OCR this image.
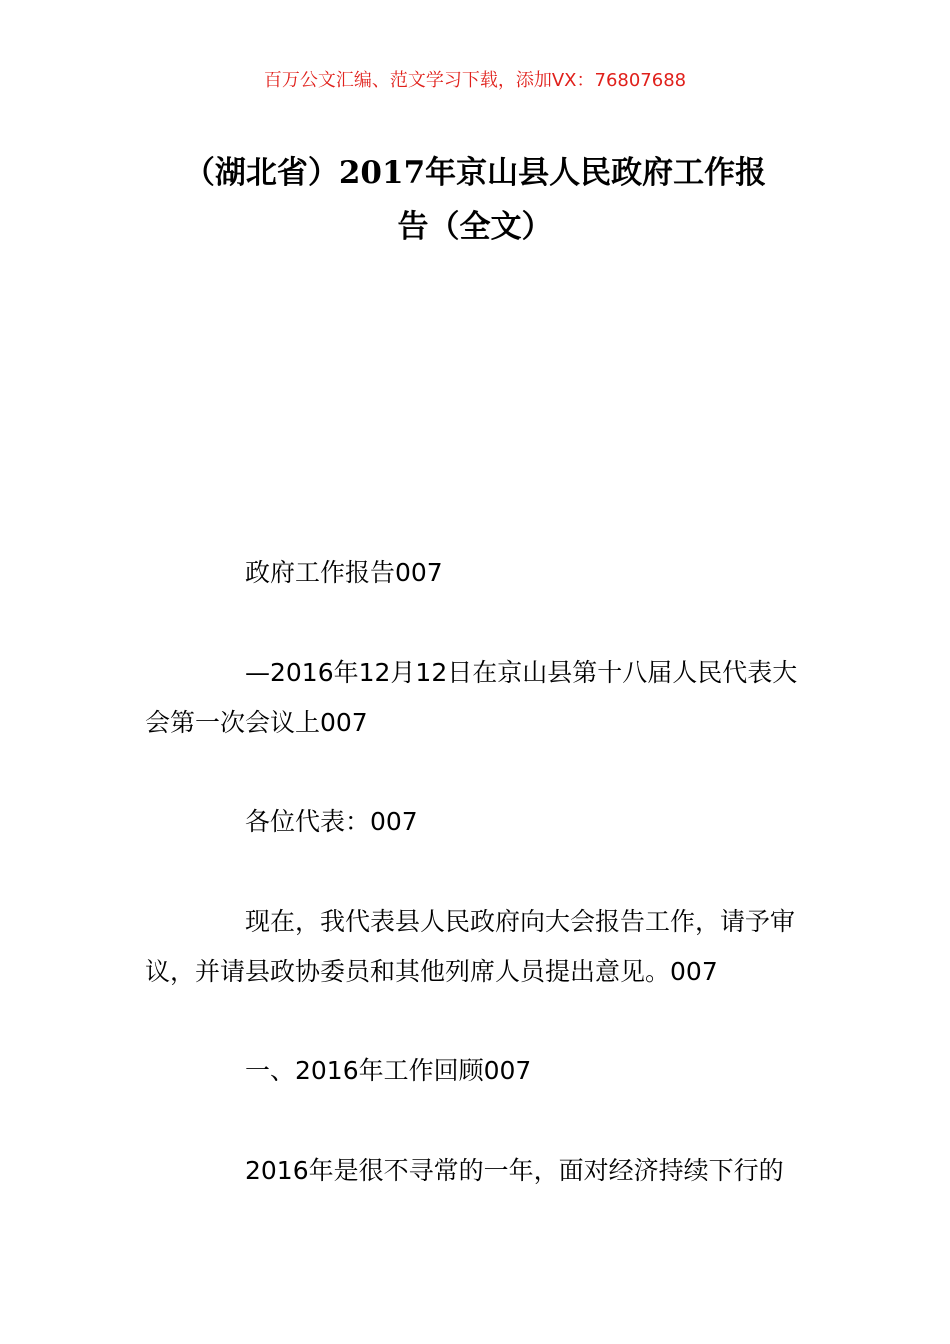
百万公文汇编、范文学习下载，添加VX：76807688
（湖北省）2017年京山县人民政府工作报
告（全文）

政府工作报告007

—2016年12月12日在京山县第十八届人民代表大会第一次会议上007

各位代表：007

现在，我代表县人民政府向大会报告工作，请予审议，并请县政协委员和其他列席人员提出意见。007

一、2016年工作回顾007

2016年是很不寻常的一年，面对经济持续下行的
